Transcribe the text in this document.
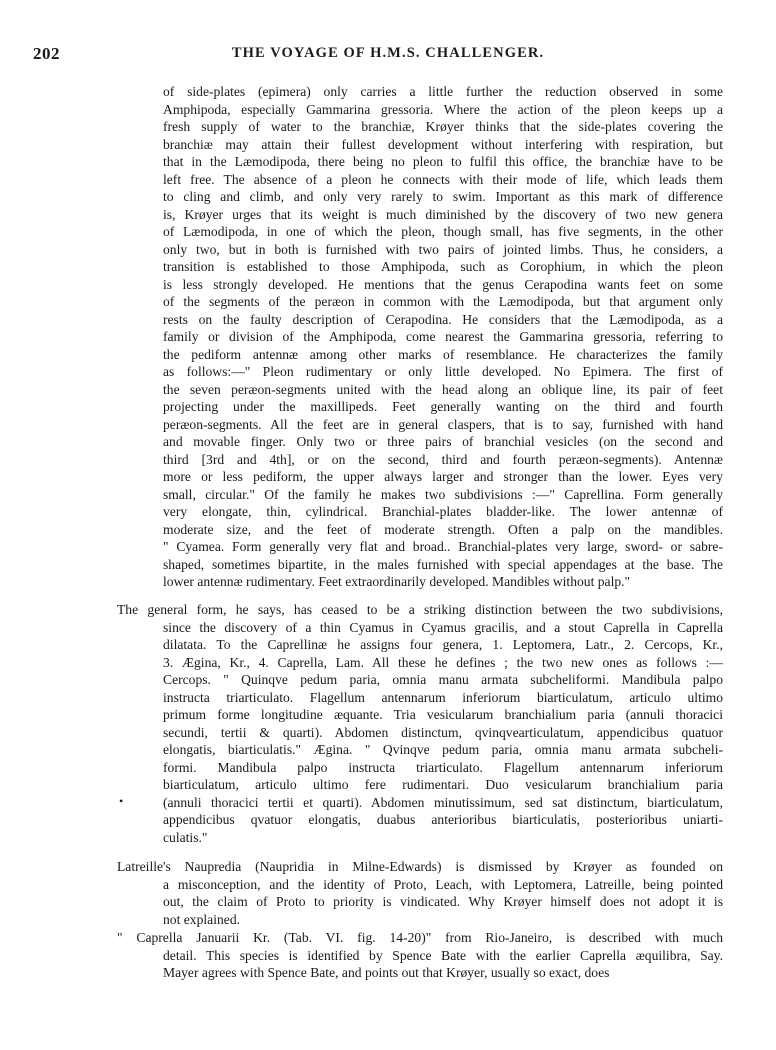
202	THE VOYAGE OF H.M.S. CHALLENGER.
of side-plates (epimera) only carries a little further the reduction observed in some
Amphipoda, especially Gammarina gressoria. Where the action of the pleon keeps up a
fresh supply of water to the branchiæ, Krøyer thinks that the side-plates covering the
branchiæ may attain their fullest development without interfering with respiration, but
that in the Læmodipoda, there being no pleon to fulfil this office, the branchiæ have to be
left free. The absence of a pleon he connects with their mode of life, which leads them
to cling and climb, and only very rarely to swim. Important as this mark of difference
is, Krøyer urges that its weight is much diminished by the discovery of two new genera
of Læmodipoda, in one of which the pleon, though small, has five segments, in the other
only two, but in both is furnished with two pairs of jointed limbs. Thus, he considers, a
transition is established to those Amphipoda, such as Corophium, in which the pleon
is less strongly developed. He mentions that the genus Cerapodina wants feet on some
of the segments of the peræon in common with the Læmodipoda, but that argument only
rests on the faulty description of Cerapodina. He considers that the Læmodipoda, as a
family or division of the Amphipoda, come nearest the Gammarina gressoria, referring to
the pediform antennæ among other marks of resemblance. He characterizes the family
as follows:—" Pleon rudimentary or only little developed. No Epimera. The first of
the seven peræon-segments united with the head along an oblique line, its pair of feet
projecting under the maxillipeds. Feet generally wanting on the third and fourth
peræon-segments. All the feet are in general claspers, that is to say, furnished with hand
and movable finger. Only two or three pairs of branchial vesicles (on the second and
third [3rd and 4th], or on the second, third and fourth peræon-segments). Antennæ
more or less pediform, the upper always larger and stronger than the lower. Eyes very
small, circular." Of the family he makes two subdivisions :—" Caprellina. Form generally
very elongate, thin, cylindrical. Branchial-plates bladder-like. The lower antennæ of
moderate size, and the feet of moderate strength. Often a palp on the mandibles.
" Cyamea. Form generally very flat and broad.. Branchial-plates very large, sword- or sabre-
shaped, sometimes bipartite, in the males furnished with special appendages at the base. The
lower antennæ rudimentary. Feet extraordinarily developed. Mandibles without palp."
The general form, he says, has ceased to be a striking distinction between the two subdivisions,
since the discovery of a thin Cyamus in Cyamus gracilis, and a stout Caprella in Caprella
dilatata. To the Caprellinæ he assigns four genera, 1. Leptomera, Latr., 2. Cercops, Kr.,
3. Ægina, Kr., 4. Caprella, Lam. All these he defines ; the two new ones as follows :—
Cercops. " Quinqve pedum paria, omnia manu armata subcheliformi. Mandibula palpo
instructa triarticulato. Flagellum antennarum inferiorum biarticulatum, articulo ultimo
primum forme longitudine æquante. Tria vesicularum branchialium paria (annuli thoracici
secundi, tertii & quarti). Abdomen distinctum, qvinqvearticulatum, appendicibus quatuor
elongatis, biarticulatis." Ægina. " Qvinqve pedum paria, omnia manu armata subcheli-
formi. Mandibula palpo instructa triarticulato. Flagellum antennarum inferiorum
biarticulatum, articulo ultimo fere rudimentari. Duo vesicularum branchialium paria
(annuli thoracici tertii et quarti). Abdomen minutissimum, sed sat distinctum, biarticulatum,
appendicibus qvatuor elongatis, duabus anterioribus biarticulatis, posterioribus uniarti-
culatis."
Latreille's Naupredia (Naupridia in Milne-Edwards) is dismissed by Krøyer as founded on
a misconception, and the identity of Proto, Leach, with Leptomera, Latreille, being pointed
out, the claim of Proto to priority is vindicated. Why Krøyer himself does not adopt it is
not explained.
" Caprella Januarii Kr. (Tab. VI. fig. 14-20)" from Rio-Janeiro, is described with much
detail. This species is identified by Spence Bate with the earlier Caprella æquilibra, Say.
Mayer agrees with Spence Bate, and points out that Krøyer, usually so exact, does
•
